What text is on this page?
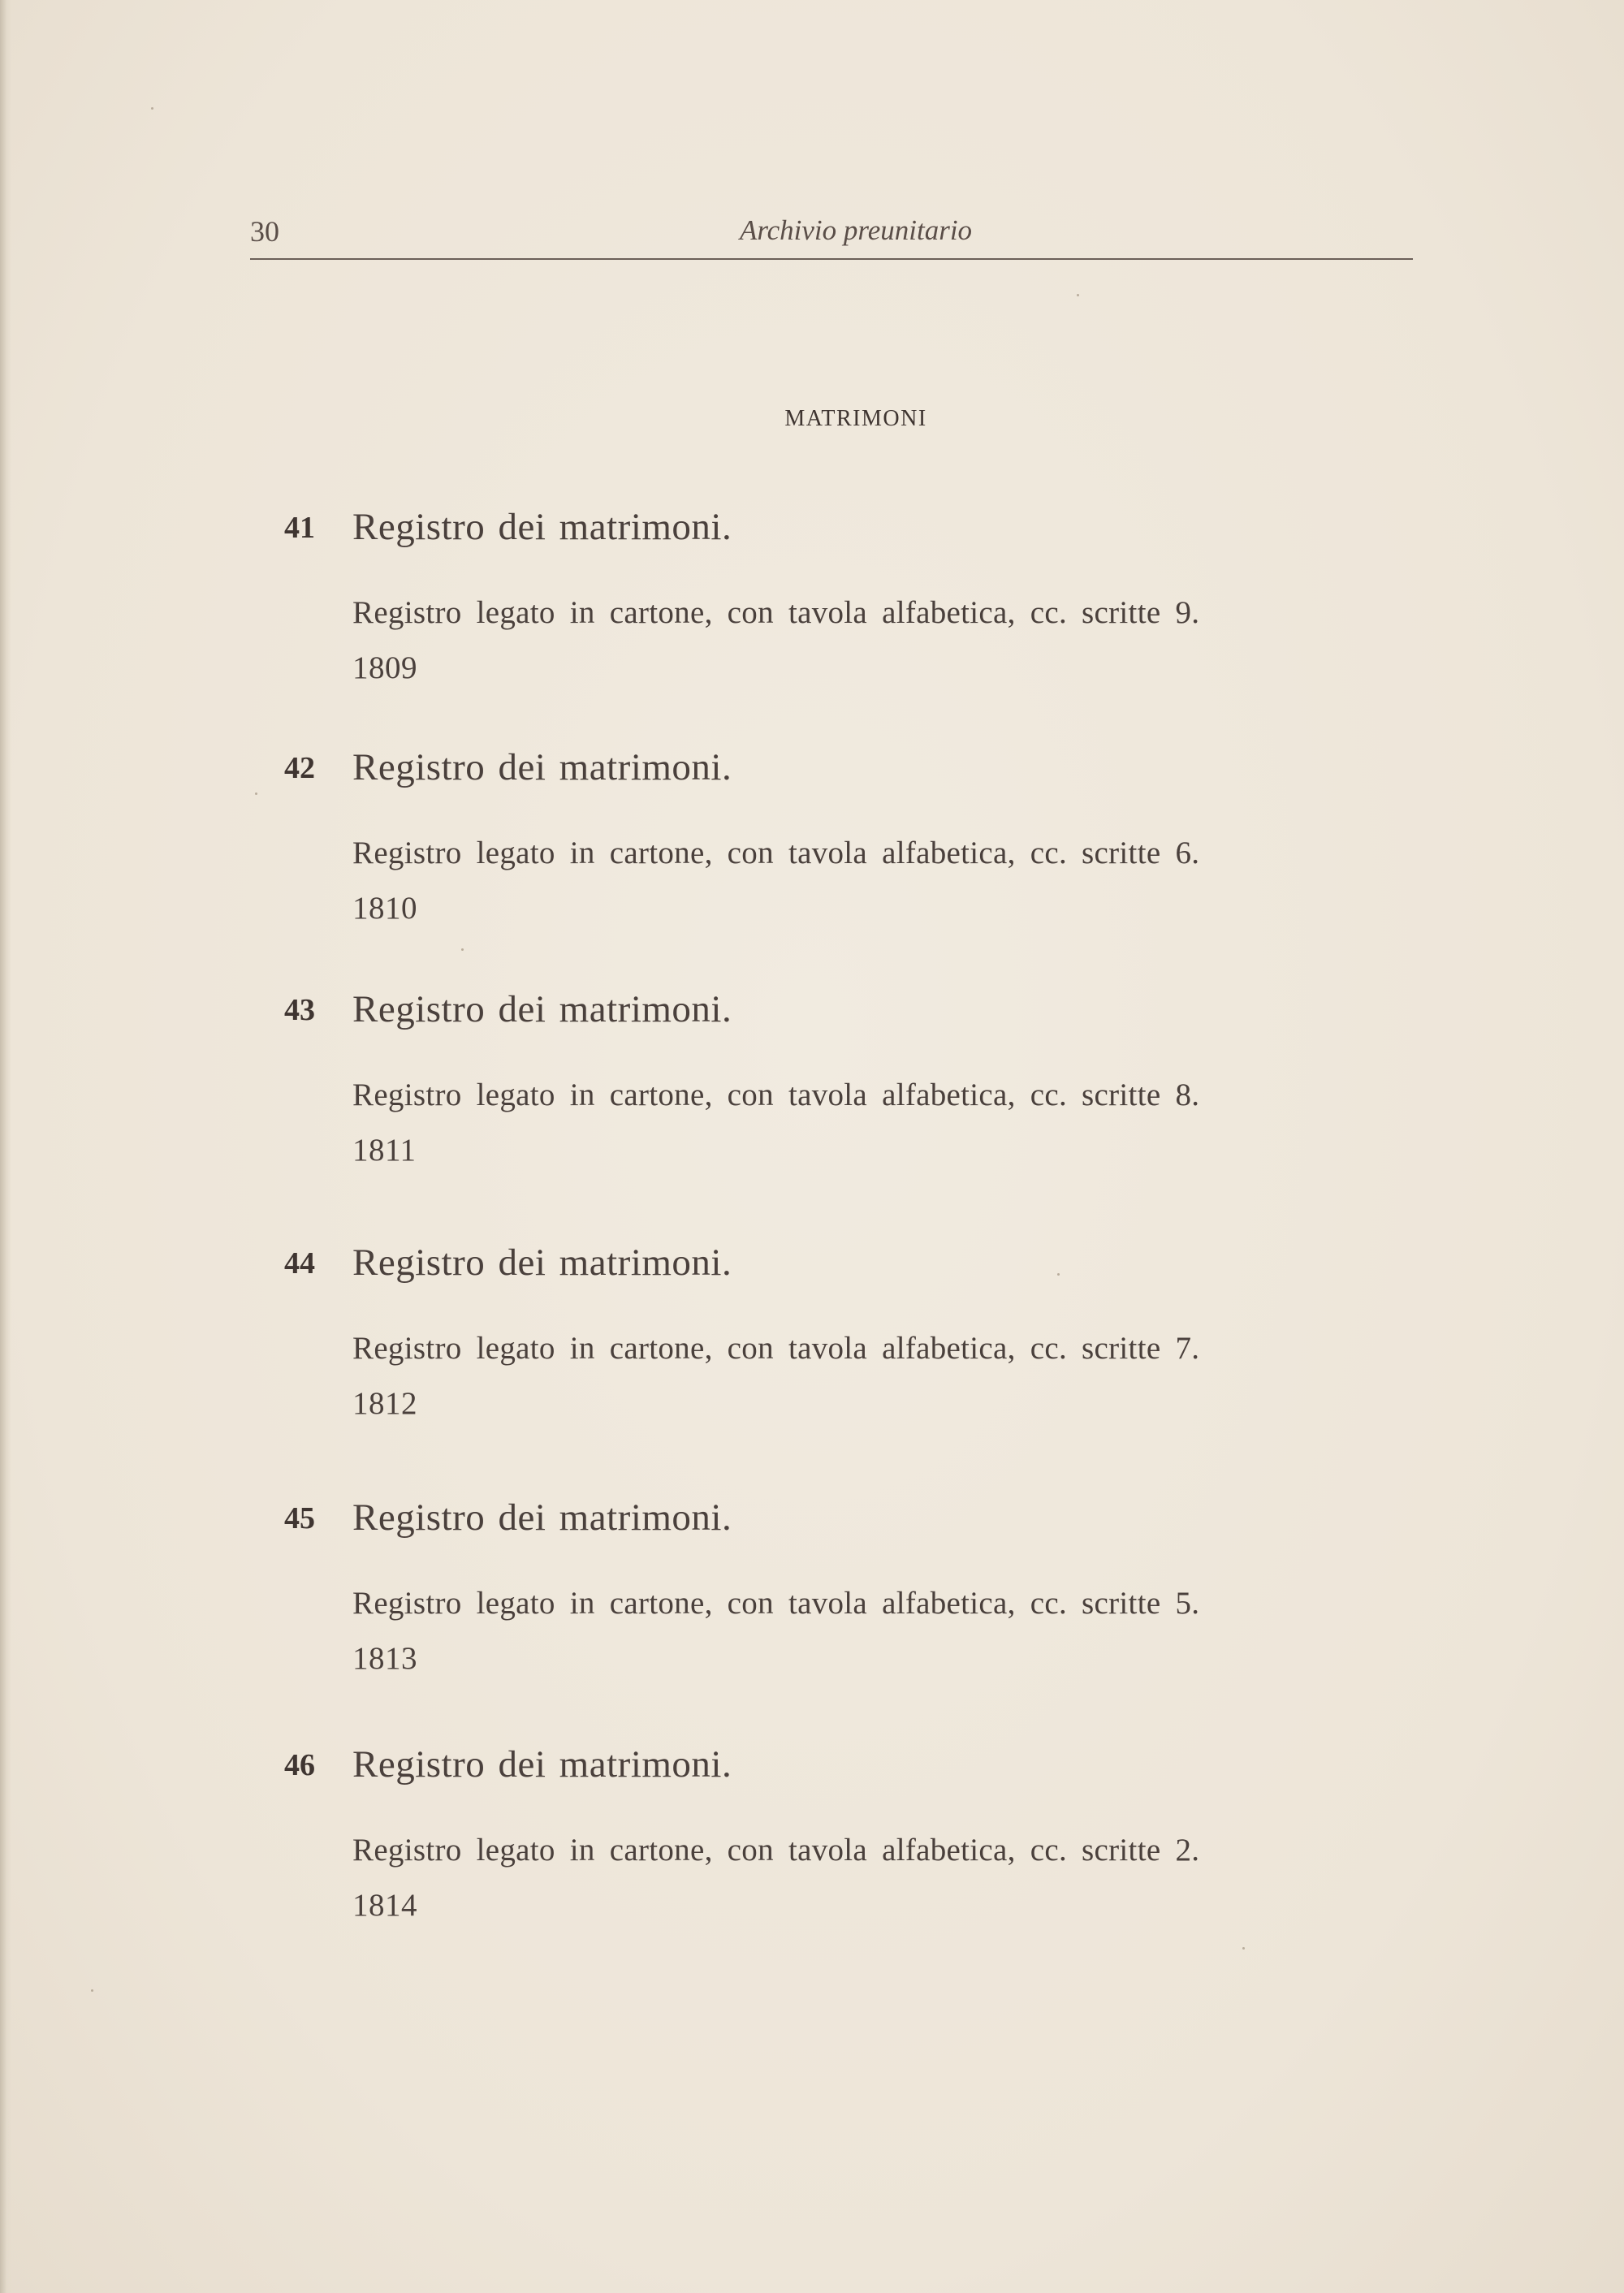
30	Archivio preunitario
MATRIMONI
41 Registro dei matrimoni.
Registro legato in cartone, con tavola alfabetica, cc. scritte 9.
1809
42 Registro dei matrimoni.
Registro legato in cartone, con tavola alfabetica, cc. scritte 6.
1810
43 Registro dei matrimoni.
Registro legato in cartone, con tavola alfabetica, cc. scritte 8.
1811
44 Registro dei matrimoni.
Registro legato in cartone, con tavola alfabetica, cc. scritte 7.
1812
45 Registro dei matrimoni.
Registro legato in cartone, con tavola alfabetica, cc. scritte 5.
1813
46 Registro dei matrimoni.
Registro legato in cartone, con tavola alfabetica, cc. scritte 2.
1814
